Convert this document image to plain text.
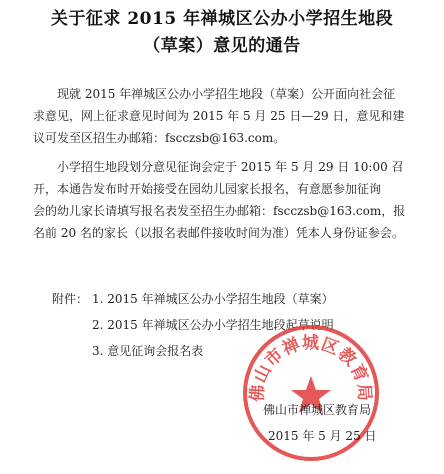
关于征求 2015 年禅城区公办小学招生地段
（草案）意见的通告
现就 2015 年禅城区公办小学招生地段（草案）公开面向社会征
求意见，网上征求意见时间为 2015 年 5 月 25 日—29 日，意见和建
议可发至区招生办邮箱：fscczsb@163.com。
小学招生地段划分意见征询会定于 2015 年 5 月 29 日 10:00 召
开，本通告发布时开始接受在园幼儿园家长报名，有意愿参加征询
会的幼儿家长请填写报名表发至招生办邮箱：fscczsb@163.com，报
名前 20 名的家长（以报名表邮件接收时间为准）凭本人身份证参会。
附件： 1. 2015 年禅城区公办小学招生地段（草案）
2. 2015 年禅城区公办小学招生地段起草说明
3. 意见征询会报名表
佛山市禅城区教育局
佛山市禅城区教育局
2015 年 5 月 25 日
